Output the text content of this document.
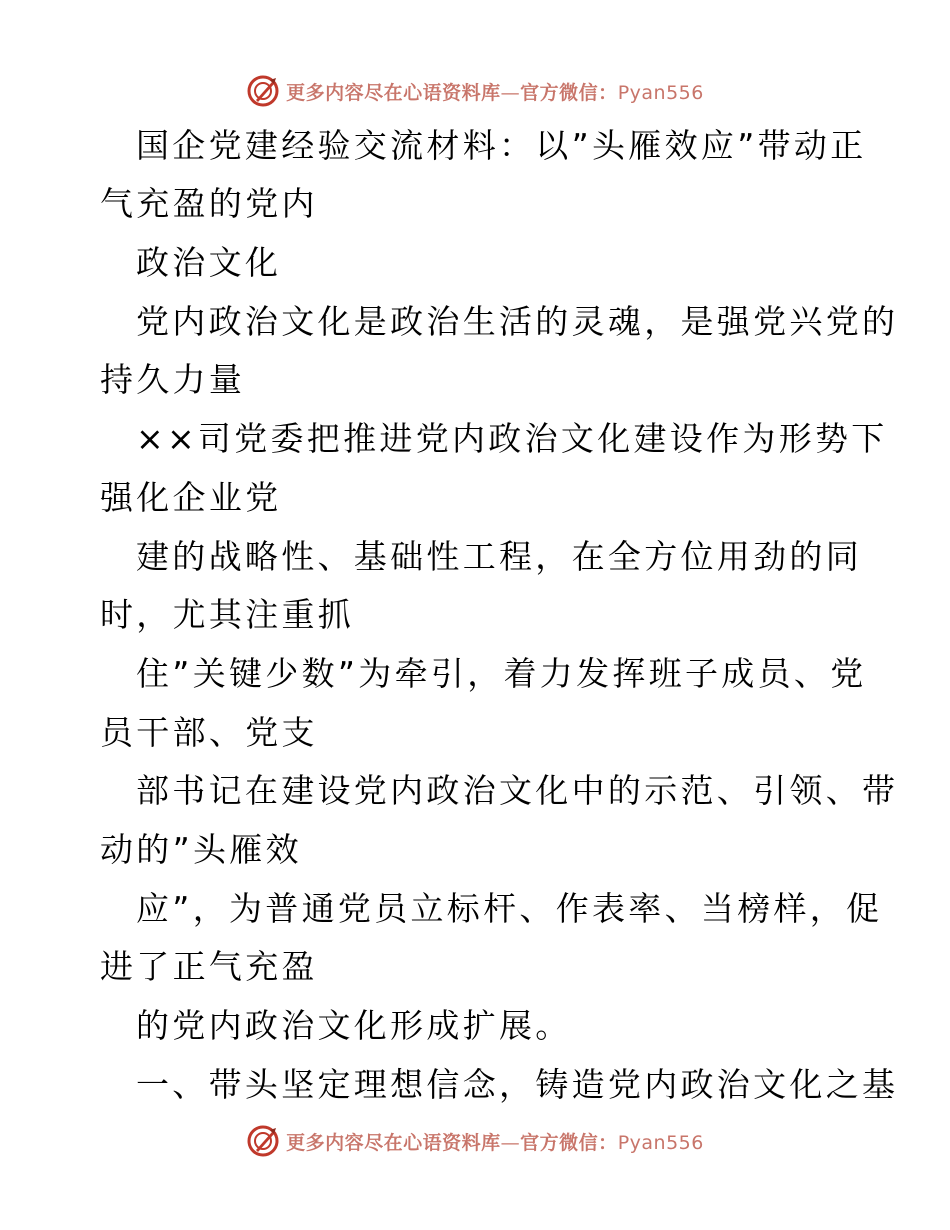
更多内容尽在心语资料库—官方微信：Pyan556
国企党建经验交流材料：以”头雁效应”带动正
气充盈的党内
政治文化
党内政治文化是政治生活的灵魂，是强党兴党的
持久力量
××司党委把推进党内政治文化建设作为形势下
强化企业党
建的战略性、基础性工程，在全方位用劲的同
时，尤其注重抓
住”关键少数”为牵引，着力发挥班子成员、党
员干部、党支
部书记在建设党内政治文化中的示范、引领、带
动的”头雁效
应”，为普通党员立标杆、作表率、当榜样，促
进了正气充盈
的党内政治文化形成扩展。
一、带头坚定理想信念，铸造党内政治文化之基
更多内容尽在心语资料库—官方微信：Pyan556
